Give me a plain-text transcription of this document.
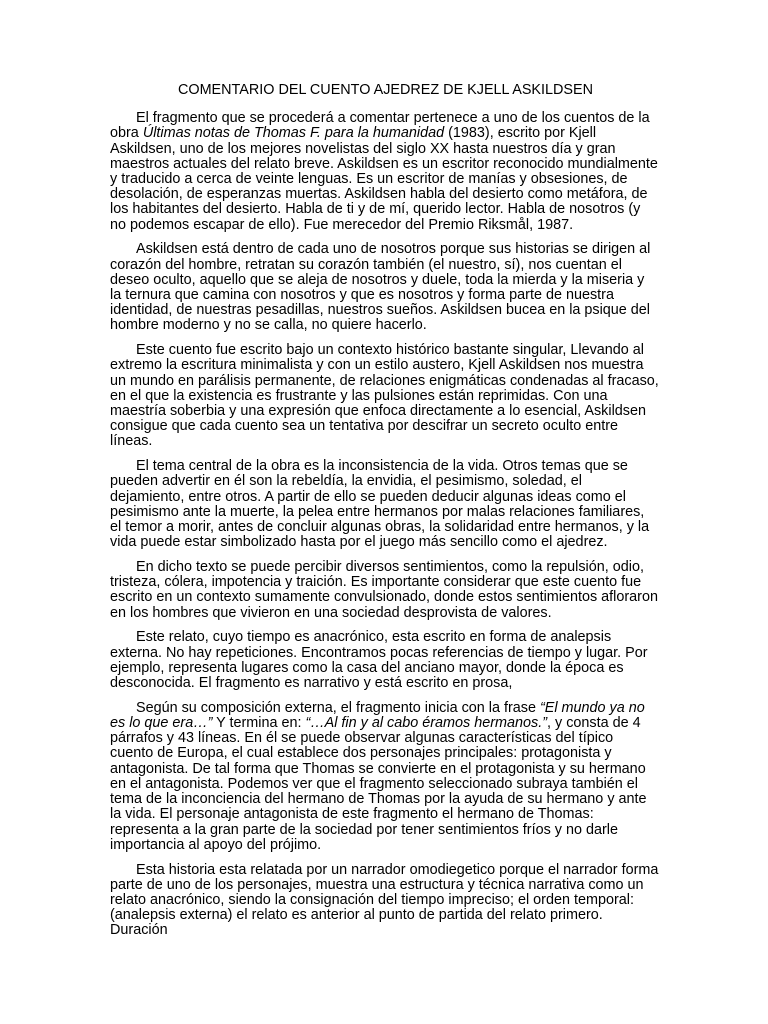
COMENTARIO DEL CUENTO AJEDREZ DE KJELL ASKILDSEN

El fragmento que se procederá a comentar pertenece a uno de los cuentos de la obra Últimas notas de Thomas F. para la humanidad (1983), escrito por Kjell Askildsen, uno de los mejores novelistas del siglo XX hasta nuestros día y gran maestros actuales del relato breve. Askildsen es un escritor reconocido mundialmente y traducido a cerca de veinte lenguas. Es un escritor de manías y obsesiones, de desolación, de esperanzas muertas. Askildsen habla del desierto como metáfora, de los habitantes del desierto. Habla de ti y de mí, querido lector. Habla de nosotros (y no podemos escapar de ello). Fue merecedor del Premio Riksmål, 1987.

Askildsen está dentro de cada uno de nosotros porque sus historias se dirigen al corazón del hombre, retratan su corazón también (el nuestro, sí), nos cuentan el deseo oculto, aquello que se aleja de nosotros y duele, toda la mierda y la miseria y la ternura que camina con nosotros y que es nosotros y forma parte de nuestra identidad, de nuestras pesadillas, nuestros sueños. Askildsen bucea en la psique del hombre moderno y no se calla, no quiere hacerlo.

Este cuento fue escrito bajo un contexto histórico bastante singular, Llevando al extremo la escritura minimalista y con un estilo austero, Kjell Askildsen nos muestra un mundo en parálisis permanente, de relaciones enigmáticas condenadas al fracaso, en el que la existencia es frustrante y las pulsiones están reprimidas. Con una maestría soberbia y una expresión que enfoca directamente a lo esencial, Askildsen consigue que cada cuento sea un tentativa por descifrar un secreto oculto entre líneas.

El tema central de la obra es la inconsistencia de la vida. Otros temas que se pueden advertir en él son la rebeldía, la envidia, el pesimismo, soledad, el dejamiento, entre otros. A partir de ello se pueden deducir algunas ideas como el pesimismo ante la muerte, la pelea entre hermanos por malas relaciones familiares, el temor a morir, antes de concluir algunas obras, la solidaridad entre hermanos, y la vida puede estar simbolizado hasta por el juego más sencillo como el ajedrez.

En dicho texto se puede percibir diversos sentimientos, como la repulsión, odio, tristeza, cólera, impotencia y traición. Es importante considerar que este cuento fue escrito en un contexto sumamente convulsionado, donde estos sentimientos afloraron en los hombres que vivieron en una sociedad desprovista de valores.

Este relato, cuyo tiempo es anacrónico, esta escrito en forma de analepsis externa. No hay repeticiones. Encontramos pocas referencias de tiempo y lugar. Por ejemplo, representa lugares como la casa del anciano mayor, donde la época es desconocida. El fragmento es narrativo y está escrito en prosa,

Según su composición externa, el fragmento inicia con la frase “El mundo ya no es lo que era…” Y termina en: “…Al fin y al cabo éramos hermanos.”, y consta de 4 párrafos y 43 líneas. En él se puede observar algunas características del típico cuento de Europa, el cual establece dos personajes principales: protagonista y antagonista. De tal forma que Thomas se convierte en el protagonista y su hermano en el antagonista. Podemos ver que el fragmento seleccionado subraya también el tema de la inconciencia del hermano de Thomas por la ayuda de su hermano y ante la vida. El personaje antagonista de este fragmento el hermano de Thomas: representa a la gran parte de la sociedad por tener sentimientos fríos y no darle importancia al apoyo del prójimo.

Esta historia esta relatada por un narrador omodiegetico porque el narrador forma parte de uno de los personajes, muestra una estructura y técnica narrativa como un relato anacrónico, siendo la consignación del tiempo impreciso; el orden temporal: (analepsis externa) el relato es anterior al punto de partida del relato primero. Duración
